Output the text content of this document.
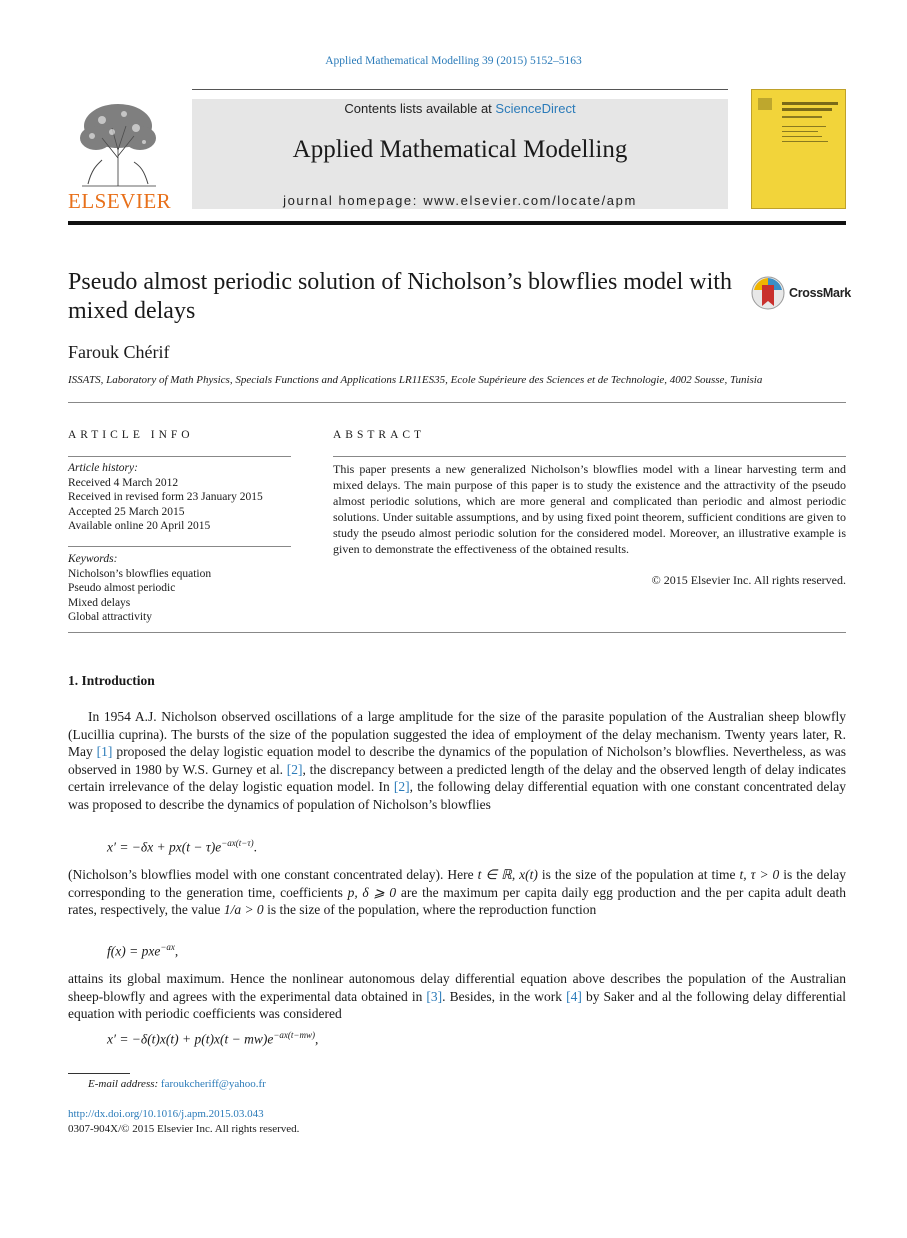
Applied Mathematical Modelling 39 (2015) 5152–5163
ELSEVIER
Contents lists available at ScienceDirect
Applied Mathematical Modelling
journal homepage: www.elsevier.com/locate/apm
Pseudo almost periodic solution of Nicholson’s blowflies model with mixed delays
CrossMark
Farouk Chérif
ISSATS, Laboratory of Math Physics, Specials Functions and Applications LR11ES35, Ecole Supérieure des Sciences et de Technologie, 4002 Sousse, Tunisia
ARTICLE INFO
Article history:
Received 4 March 2012
Received in revised form 23 January 2015
Accepted 25 March 2015
Available online 20 April 2015
Keywords:
Nicholson’s blowflies equation
Pseudo almost periodic
Mixed delays
Global attractivity
ABSTRACT
This paper presents a new generalized Nicholson’s blowflies model with a linear harvesting term and mixed delays. The main purpose of this paper is to study the existence and the attractivity of the pseudo almost periodic solutions, which are more general and complicated than periodic and almost periodic solutions. Under suitable assumptions, and by using fixed point theorem, sufficient conditions are given to study the pseudo almost periodic solution for the considered model. Moreover, an illustrative example is given to demonstrate the effectiveness of the obtained results.
© 2015 Elsevier Inc. All rights reserved.
1. Introduction
In 1954 A.J. Nicholson observed oscillations of a large amplitude for the size of the parasite population of the Australian sheep blowfly (Lucillia cuprina). The bursts of the size of the population suggested the idea of employment of the delay mechanism. Twenty years later, R. May [1] proposed the delay logistic equation model to describe the dynamics of the population of Nicholson’s blowflies. Nevertheless, as was observed in 1980 by W.S. Gurney et al. [2], the discrepancy between a predicted length of the delay and the observed length of delay indicates certain irrelevance of the delay logistic equation model. In [2], the following delay differential equation with one constant concentrated delay was proposed to describe the dynamics of population of Nicholson’s blowflies
$x' = -\delta x + px(t - \tau)e^{-ax(t-\tau)}$.
(Nicholson’s blowflies model with one constant concentrated delay). Here t ∈ ℝ, x(t) is the size of the population at time t, τ > 0 is the delay corresponding to the generation time, coefficients p, δ ⩾ 0 are the maximum per capita daily egg production and the per capita adult death rates, respectively, the value 1/a > 0 is the size of the population, where the reproduction function
f(x) = pxe$^{-ax}$,
attains its global maximum. Hence the nonlinear autonomous delay differential equation above describes the population of the Australian sheep-blowfly and agrees with the experimental data obtained in [3]. Besides, in the work [4] by Saker and al the following delay differential equation with periodic coefficients was considered
$x' = -\delta(t)x(t) + p(t)x(t - mw)e^{-ax(t-mw)}$,
E-mail address: faroukcheriff@yahoo.fr
http://dx.doi.org/10.1016/j.apm.2015.03.043
0307-904X/© 2015 Elsevier Inc. All rights reserved.
